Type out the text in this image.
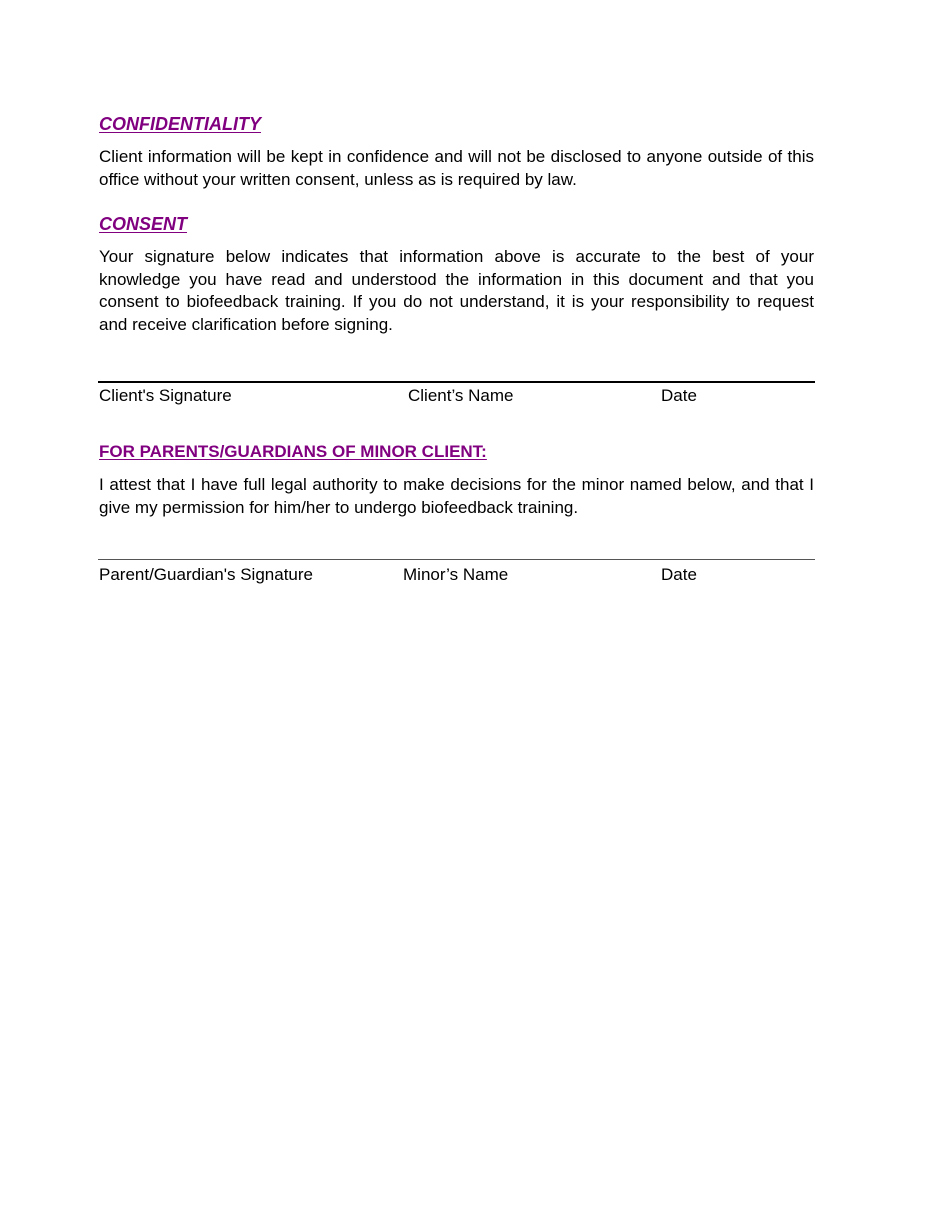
CONFIDENTIALITY

Client information will be kept in confidence and will not be disclosed to anyone outside of this office without your written consent, unless as is required by law.

CONSENT

Your signature below indicates that information above is accurate to the best of your knowledge you have read and understood the information in this document and that you consent to biofeedback training. If you do not understand, it is your responsibility to request and receive clarification before signing.

Client's Signature	Client’s Name	Date
FOR PARENTS/GUARDIANS OF MINOR CLIENT:

I attest that I have full legal authority to make decisions for the minor named below, and that I give my permission for him/her to undergo biofeedback training.

Parent/Guardian's Signature	Minor’s Name	Date
